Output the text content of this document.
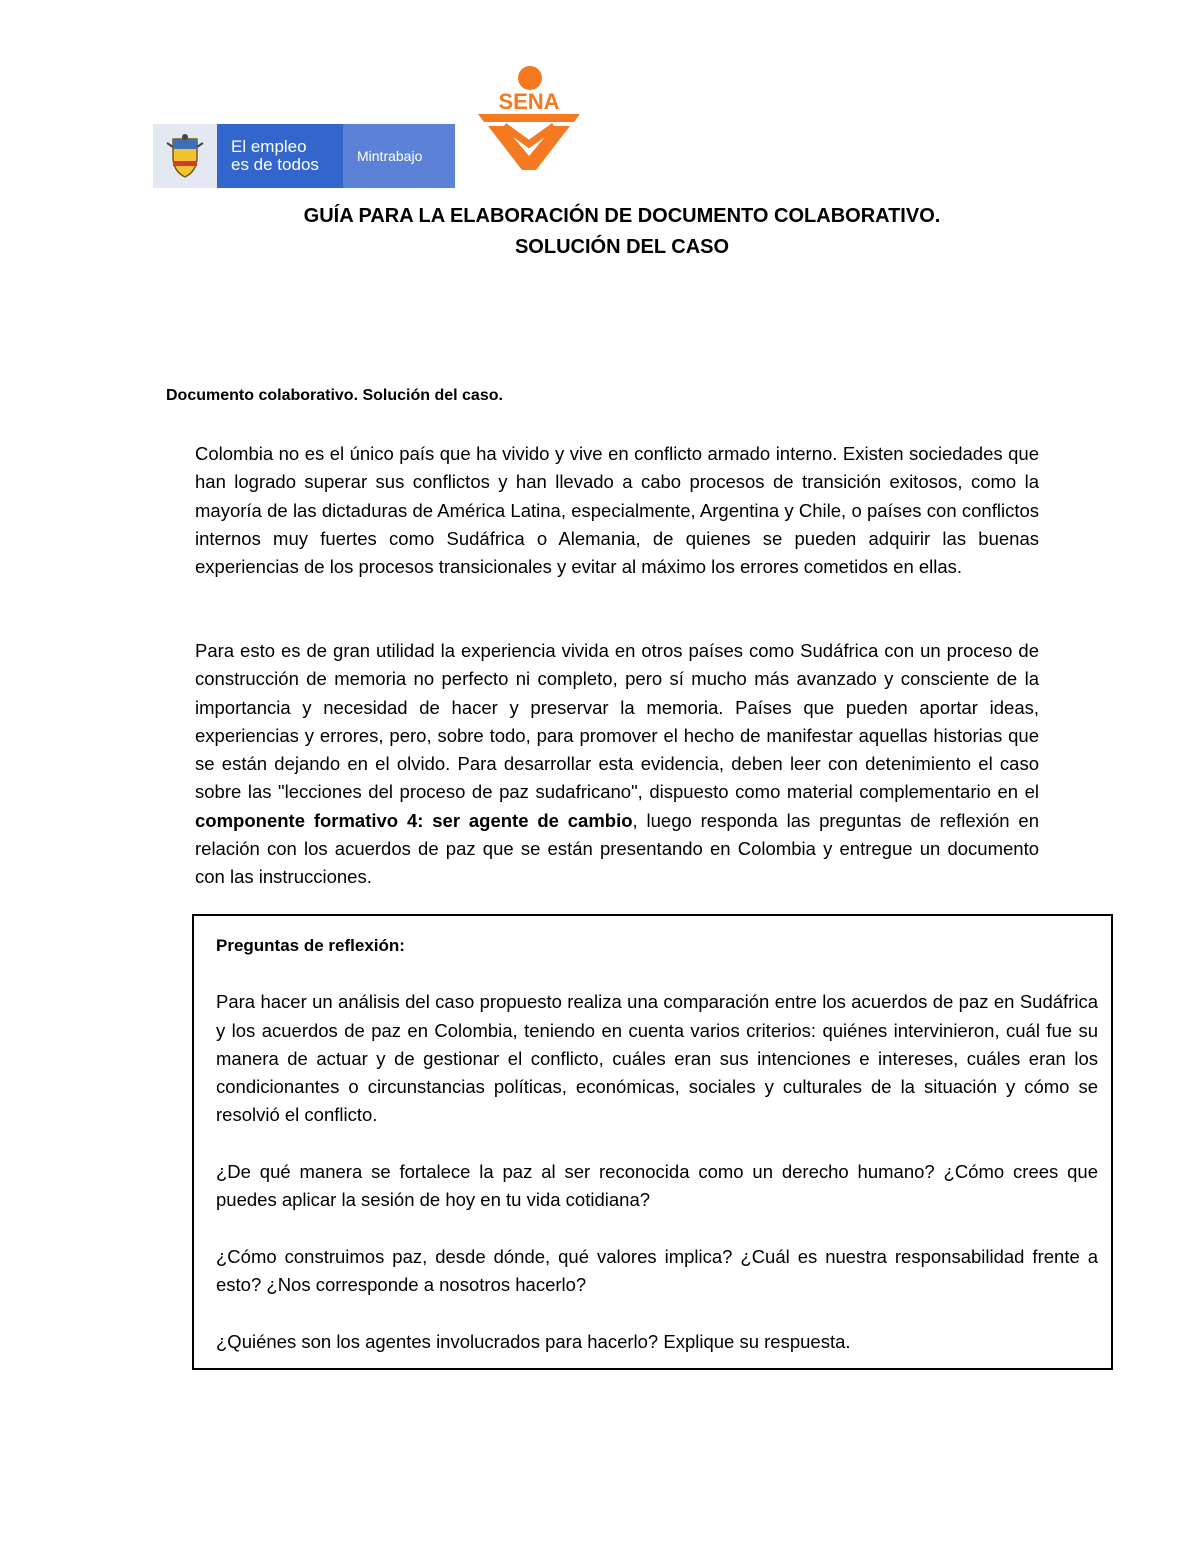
El empleo
es de todos	Mintrabajo
SENA
GUÍA PARA LA ELABORACIÓN DE DOCUMENTO COLABORATIVO.
SOLUCIÓN DEL CASO
Documento colaborativo. Solución del caso.

Colombia no es el único país que ha vivido y vive en conflicto armado interno. Existen sociedades que han logrado superar sus conflictos y han llevado a cabo procesos de transición exitosos, como la mayoría de las dictaduras de América Latina, especialmente, Argentina y Chile, o países con conflictos internos muy fuertes como Sudáfrica o Alemania, de quienes se pueden adquirir las buenas experiencias de los procesos transicionales y evitar al máximo los errores cometidos en ellas.

Para esto es de gran utilidad la experiencia vivida en otros países como Sudáfrica con un proceso de construcción de memoria no perfecto ni completo, pero sí mucho más avanzado y consciente de la importancia y necesidad de hacer y preservar la memoria. Países que pueden aportar ideas, experiencias y errores, pero, sobre todo, para promover el hecho de manifestar aquellas historias que se están dejando en el olvido. Para desarrollar esta evidencia, deben leer con detenimiento el caso sobre las "lecciones del proceso de paz sudafricano", dispuesto como material complementario en el componente formativo 4: ser agente de cambio, luego responda las preguntas de reflexión en relación con los acuerdos de paz que se están presentando en Colombia y entregue un documento con las instrucciones.

Preguntas de reflexión:

Para hacer un análisis del caso propuesto realiza una comparación entre los acuerdos de paz en Sudáfrica y los acuerdos de paz en Colombia, teniendo en cuenta varios criterios: quiénes intervinieron, cuál fue su manera de actuar y de gestionar el conflicto, cuáles eran sus intenciones e intereses, cuáles eran los condicionantes o circunstancias políticas, económicas, sociales y culturales de la situación y cómo se resolvió el conflicto.

¿De qué manera se fortalece la paz al ser reconocida como un derecho humano? ¿Cómo crees que puedes aplicar la sesión de hoy en tu vida cotidiana?

¿Cómo construimos paz, desde dónde, qué valores implica? ¿Cuál es nuestra responsabilidad frente a esto? ¿Nos corresponde a nosotros hacerlo?

¿Quiénes son los agentes involucrados para hacerlo? Explique su respuesta.
